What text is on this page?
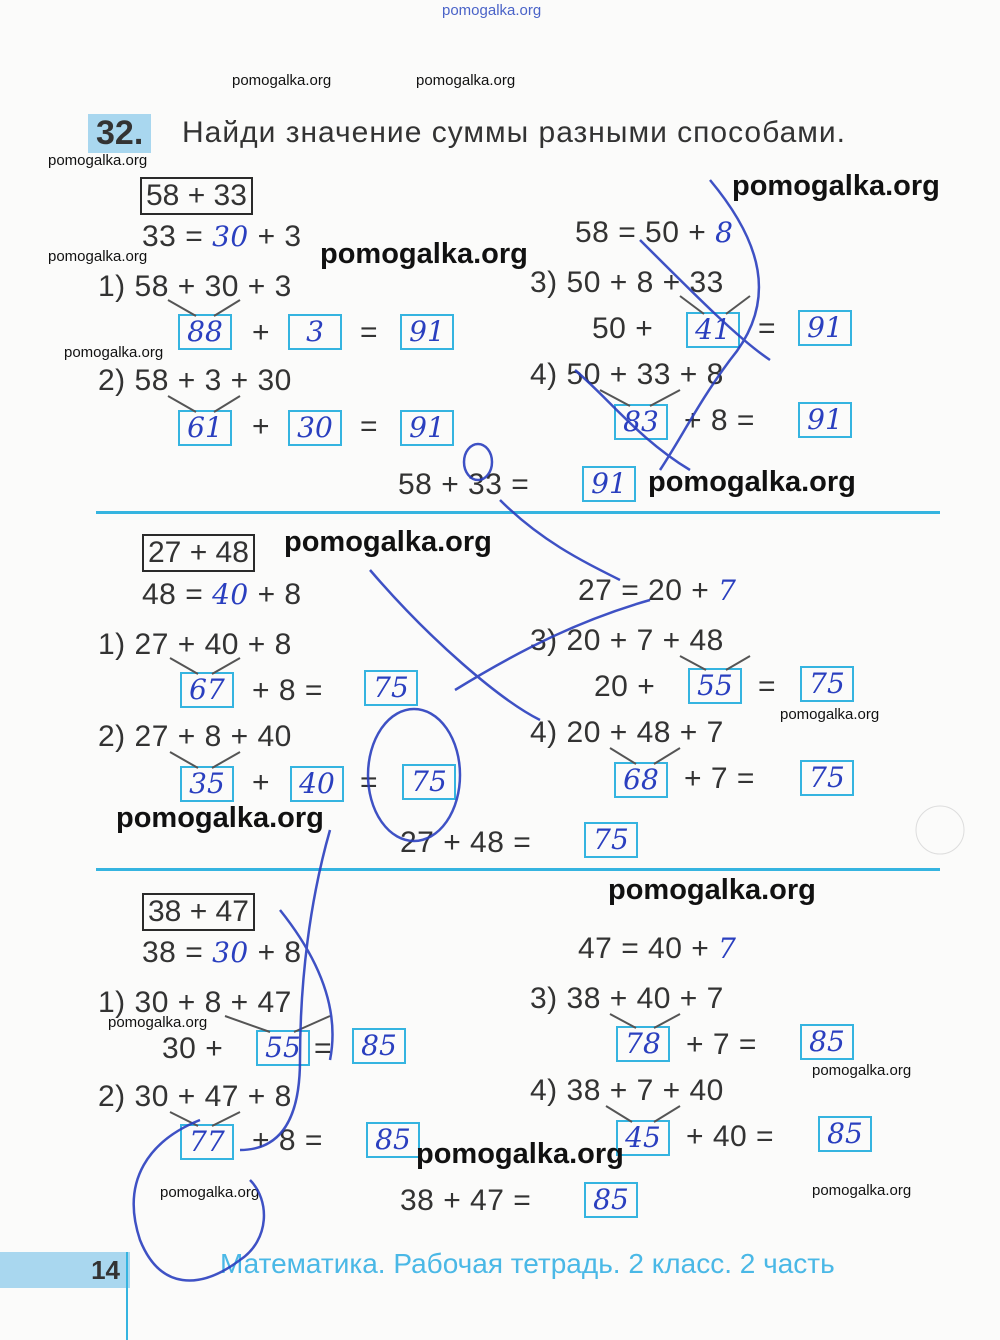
pomogalka.org
pomogalka.org	pomogalka.org
32. Найди значение суммы разными способами.
pomogalka.org
58 + 33
33 = 30 + 3
pomogalka.org	pomogalka.org
1) 58 + 30 + 3
88 +	3	=	91
pomogalka.org
2) 58 + 3 + 30
61 + 30 =	91
58 = 50 + 8
pomogalka.org
3) 50 + 8 + 33
50 +	41 =	91
4) 50 + 33 + 8
83 + 8 =	91
58 + 33 =	91 pomogalka.org
27 + 48 pomogalka.org
48 = 40 + 8
1) 27 + 40 + 8
67 + 8 =	75
2) 27 + 8 + 40
35 +	40 =	75
pomogalka.org
27 = 20 + 7
3) 20 + 7 + 48
20 +	55 =	75
pomogalka.org
4) 20 + 48 + 7
68 + 7 =	75
27 + 48 =	75
pomogalka.org
38 + 47
38 = 30 + 8
1) 30 + 8 + 47
pomogalka.org
30 +	55 =	85
2) 30 + 47 + 8
77 + 8 =	85
47 = 40 + 7
3) 38 + 40 + 7
78 + 7 =	85
pomogalka.org
4) 38 + 7 + 40
45 + 40 =	85
pomogalka.org
pomogalka.org	pomogalka.org
38 + 47 =	85
14	Математика. Рабочая тетрадь. 2 класс. 2 часть
